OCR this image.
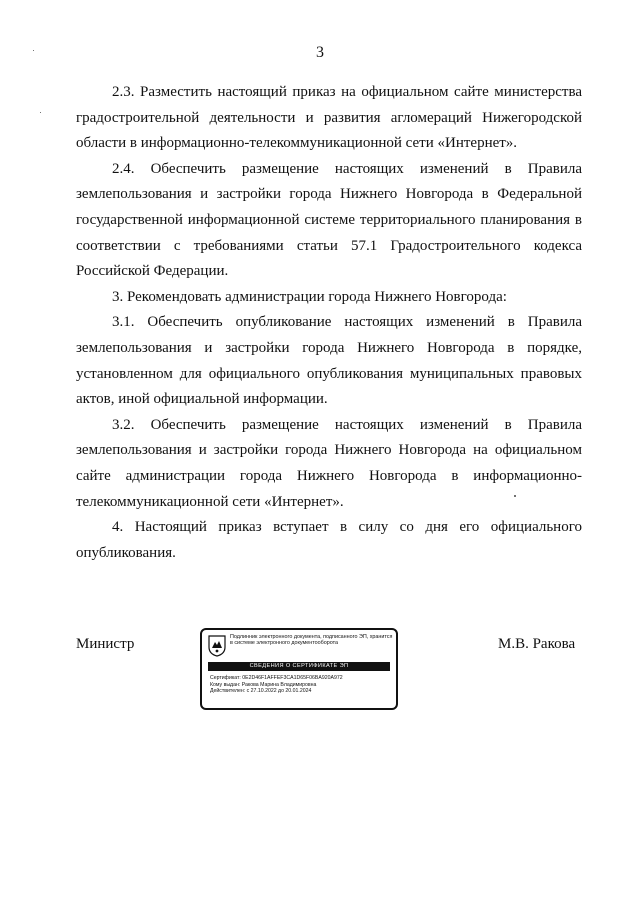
3

2.3. Разместить настоящий приказ на официальном сайте министерства градостроительной деятельности и развития агломераций Нижегородской области в информационно-телекоммуникационной сети «Интернет».

2.4. Обеспечить размещение настоящих изменений в Правила землепользования и застройки города Нижнего Новгорода в Федеральной государственной информационной системе территориального планирования в соответствии с требованиями статьи 57.1 Градостроительного кодекса Российской Федерации.

3. Рекомендовать администрации города Нижнего Новгорода:

3.1. Обеспечить опубликование настоящих изменений в Правила землепользования и застройки города Нижнего Новгорода в порядке, установленном для официального опубликования муниципальных правовых актов, иной официальной информации.

3.2. Обеспечить размещение настоящих изменений в Правила землепользования и застройки города Нижнего Новгорода на официальном сайте администрации города Нижнего Новгорода в информационно-телекоммуникационной сети «Интернет».

4. Настоящий приказ вступает в силу со дня его официального опубликования.

Министр	Подлинник электронного документа, подписанного ЭП, хранится в системе электронного документооборота
СВЕДЕНИЯ О СЕРТИФИКАТЕ ЭП
Сертификат: 0E2D46F1AFFEF3CA1D65F06BA920A972
Кому выдан: Ракова Марина Владимировна
Действителен: с 27.10.2022 до 20.01.2024
М.В. Ракова
